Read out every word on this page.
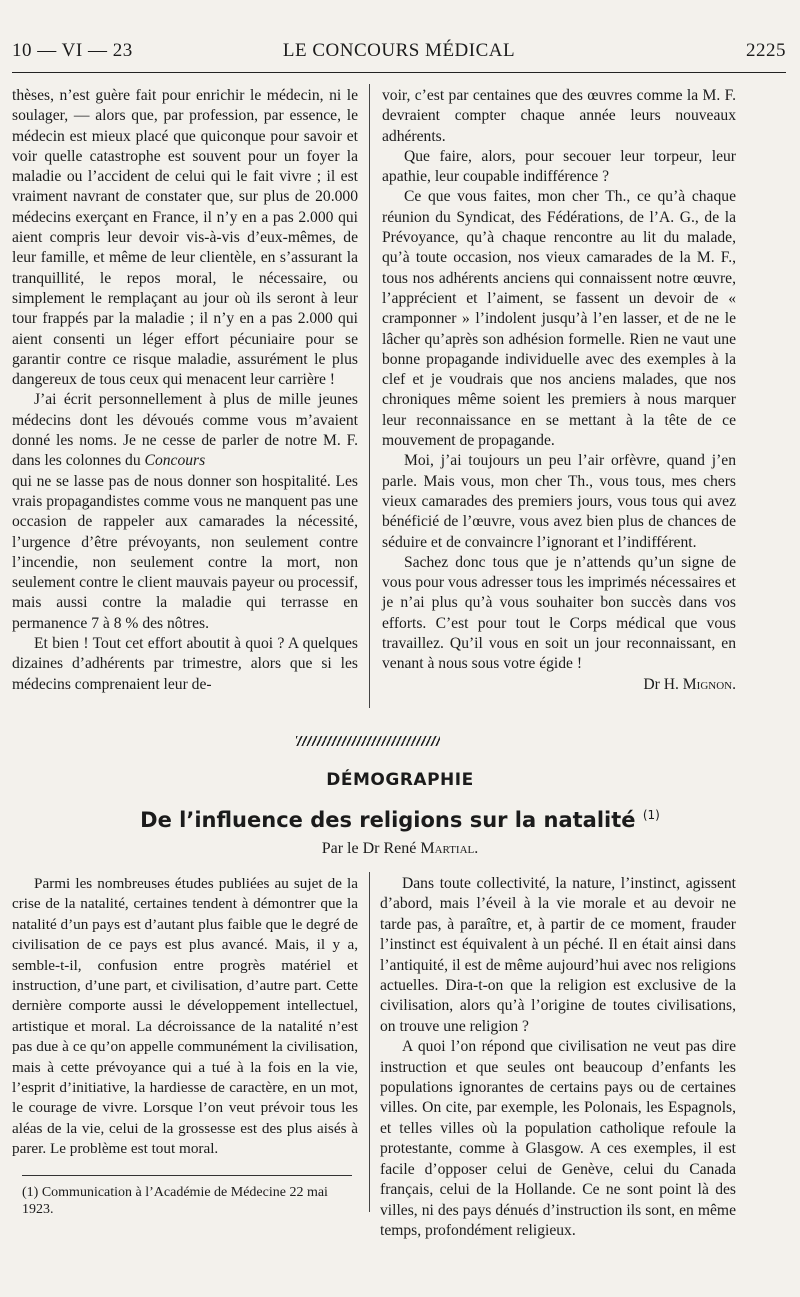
10 — VI — 23	LE CONCOURS MÉDICAL	2225

thèses, n’est guère fait pour enrichir le médecin, ni le soulager, — alors que, par profession, par essence, le médecin est mieux placé que quiconque pour savoir et voir quelle catastrophe est souvent pour un foyer la maladie ou l’accident de celui qui le fait vivre ; il est vraiment navrant de constater que, sur plus de 20.000 médecins exerçant en France, il n’y en a pas 2.000 qui aient compris leur devoir vis-à-vis d’eux-mêmes, de leur famille, et même de leur clientèle, en s’assurant la tranquillité, le repos moral, le nécessaire, ou simplement le remplaçant au jour où ils seront à leur tour frappés par la maladie ; il n’y en a pas 2.000 qui aient consenti un léger effort pécuniaire pour se garantir contre ce risque maladie, assurément le plus dangereux de tous ceux qui menacent leur carrière !

J’ai écrit personnellement à plus de mille jeunes médecins dont les dévoués comme vous m’avaient donné les noms. Je ne cesse de parler de notre M. F. dans les colonnes du Concours

qui ne se lasse pas de nous donner son hospitalité. Les vrais propagandistes comme vous ne manquent pas une occasion de rappeler aux camarades la nécessité, l’urgence d’être prévoyants, non seulement contre l’incendie, non seulement contre la mort, non seulement contre le client mauvais payeur ou processif, mais aussi contre la maladie qui terrasse en permanence 7 à 8 % des nôtres.

Et bien ! Tout cet effort aboutit à quoi ? A quelques dizaines d’adhérents par trimestre, alors que si les médecins comprenaient leur de-

voir, c’est par centaines que des œuvres comme la M. F. devraient compter chaque année leurs nouveaux adhérents.

Que faire, alors, pour secouer leur torpeur, leur apathie, leur coupable indifférence ?

Ce que vous faites, mon cher Th., ce qu’à chaque réunion du Syndicat, des Fédérations, de l’A. G., de la Prévoyance, qu’à chaque rencontre au lit du malade, qu’à toute occasion, nos vieux camarades de la M. F., tous nos adhérents anciens qui connaissent notre œuvre, l’apprécient et l’aiment, se fassent un devoir de « cramponner » l’indolent jusqu’à l’en lasser, et de ne le lâcher qu’après son adhésion formelle. Rien ne vaut une bonne propagande individuelle avec des exemples à la clef et je voudrais que nos anciens malades, que nos chroniques même soient les premiers à nous marquer leur reconnaissance en se mettant à la tête de ce mouvement de propagande.

Moi, j’ai toujours un peu l’air orfèvre, quand j’en parle. Mais vous, mon cher Th., vous tous, mes chers vieux camarades des premiers jours, vous tous qui avez bénéficié de l’œuvre, vous avez bien plus de chances de séduire et de convaincre l’ignorant et l’indifférent.

Sachez donc tous que je n’attends qu’un signe de vous pour vous adresser tous les imprimés nécessaires et je n’ai plus qu’à vous souhaiter bon succès dans vos efforts. C’est pour tout le Corps médical que vous travaillez. Qu’il vous en soit un jour reconnaissant, en venant à nous sous votre égide !

Dr H. Mignon.

DÉMOGRAPHIE
De l’influence des religions sur la natalité $^{(1)}$
Par le Dr René Martial.

Parmi les nombreuses études publiées au sujet de la crise de la natalité, certaines tendent à démontrer que la natalité d’un pays est d’autant plus faible que le degré de civilisation de ce pays est plus avancé. Mais, il y a, semble-t-il, confusion entre progrès matériel et instruction, d’une part, et civilisation, d’autre part. Cette dernière comporte aussi le développement intellectuel, artistique et moral. La décroissance de la natalité n’est pas due à ce qu’on appelle communément la civilisation, mais à cette prévoyance qui a tué à la fois en la vie, l’esprit d’initiative, la hardiesse de caractère, en un mot, le courage de vivre. Lorsque l’on veut prévoir tous les aléas de la vie, celui de la grossesse est des plus aisés à parer. Le problème est tout moral.

Dans toute collectivité, la nature, l’instinct, agissent d’abord, mais l’éveil à la vie morale et au devoir ne tarde pas, à paraître, et, à partir de ce moment, frauder l’instinct est équivalent à un péché. Il en était ainsi dans l’antiquité, il est de même aujourd’hui avec nos religions actuelles. Dira-t-on que la religion est exclusive de la civilisation, alors qu’à l’origine de toutes civilisations, on trouve une religion ?

A quoi l’on répond que civilisation ne veut pas dire instruction et que seules ont beaucoup d’enfants les populations ignorantes de certains pays ou de certaines villes. On cite, par exemple, les Polonais, les Espagnols, et telles villes où la population catholique refoule la protestante, comme à Glasgow. A ces exemples, il est facile d’opposer celui de Genève, celui du Canada français, celui de la Hollande. Ce ne sont point là des villes, ni des pays dénués d’instruction ils sont, en même temps, profondément religieux.

(1) Communication à l’Académie de Médecine 22 mai 1923.
